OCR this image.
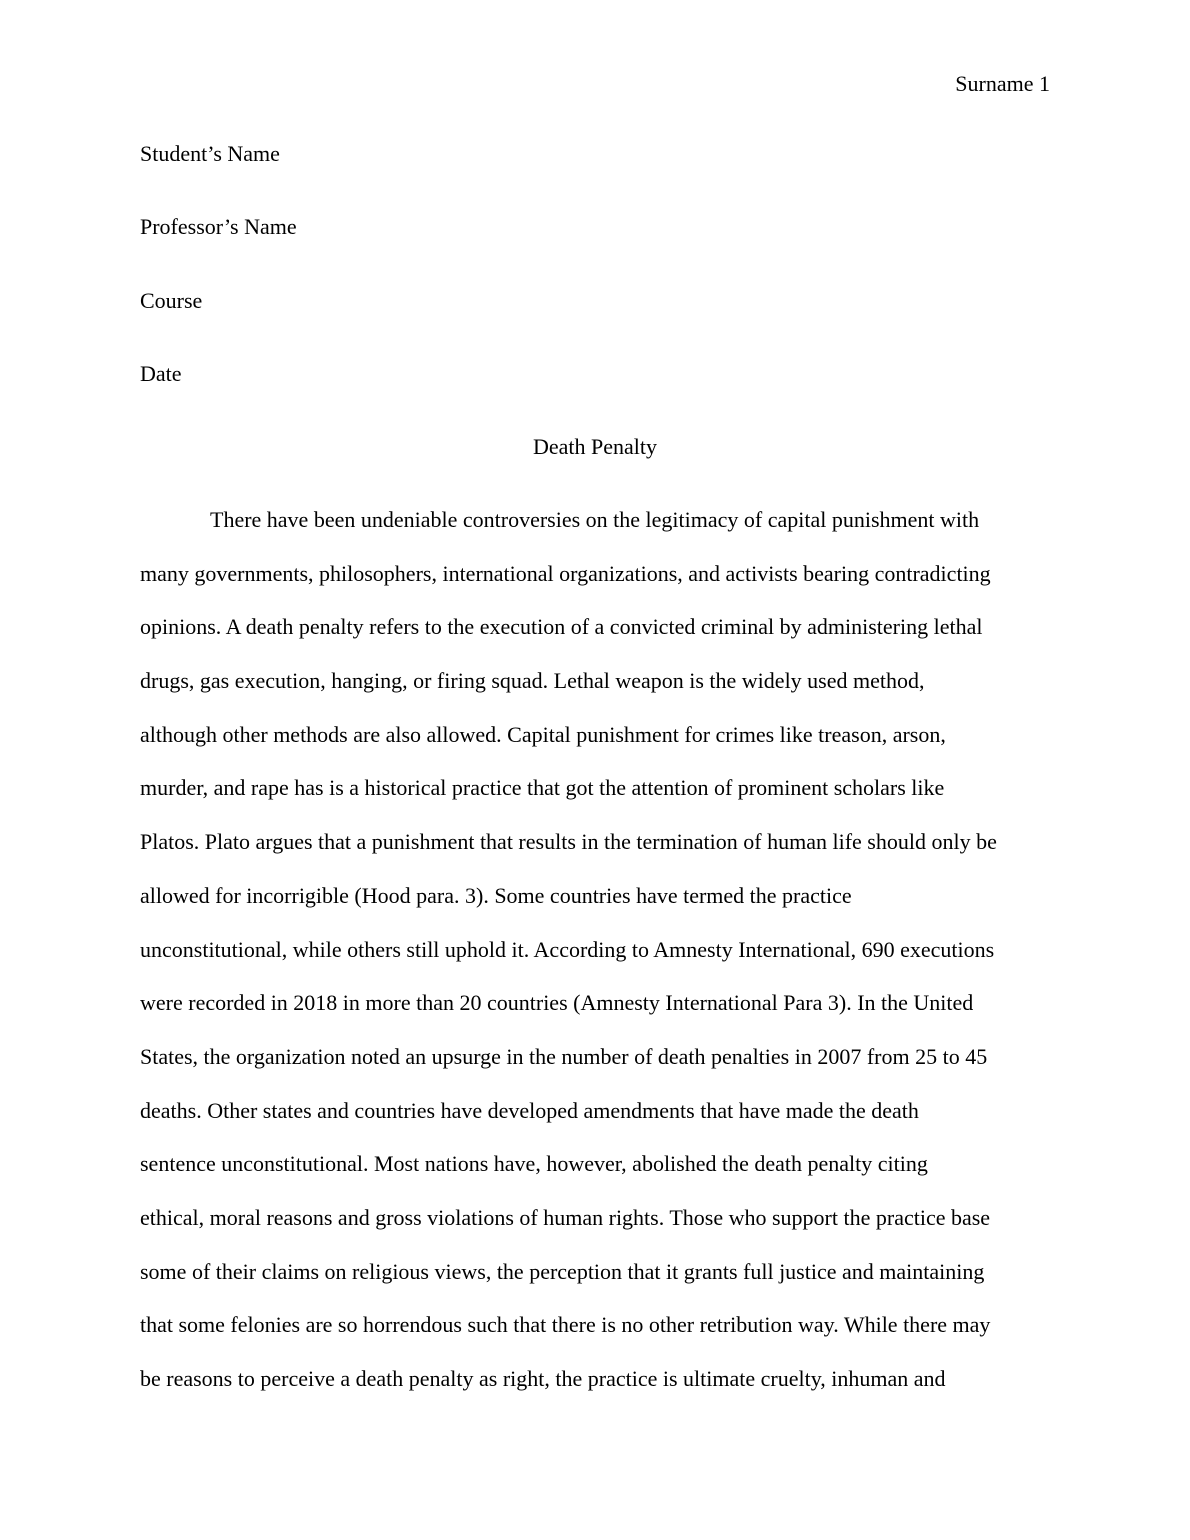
Surname 1
Student’s Name
Professor’s Name
Course
Date
Death Penalty
There have been undeniable controversies on the legitimacy of capital punishment with
many governments, philosophers, international organizations, and activists bearing contradicting
opinions. A death penalty refers to the execution of a convicted criminal by administering lethal
drugs, gas execution, hanging, or firing squad. Lethal weapon is the widely used method,
although other methods are also allowed. Capital punishment for crimes like treason, arson,
murder, and rape has is a historical practice that got the attention of prominent scholars like
Platos. Plato argues that a punishment that results in the termination of human life should only be
allowed for incorrigible (Hood para. 3). Some countries have termed the practice
unconstitutional, while others still uphold it. According to Amnesty International, 690 executions
were recorded in 2018 in more than 20 countries (Amnesty International Para 3). In the United
States, the organization noted an upsurge in the number of death penalties in 2007 from 25 to 45
deaths. Other states and countries have developed amendments that have made the death
sentence unconstitutional. Most nations have, however, abolished the death penalty citing
ethical, moral reasons and gross violations of human rights. Those who support the practice base
some of their claims on religious views, the perception that it grants full justice and maintaining
that some felonies are so horrendous such that there is no other retribution way. While there may
be reasons to perceive a death penalty as right, the practice is ultimate cruelty, inhuman and
